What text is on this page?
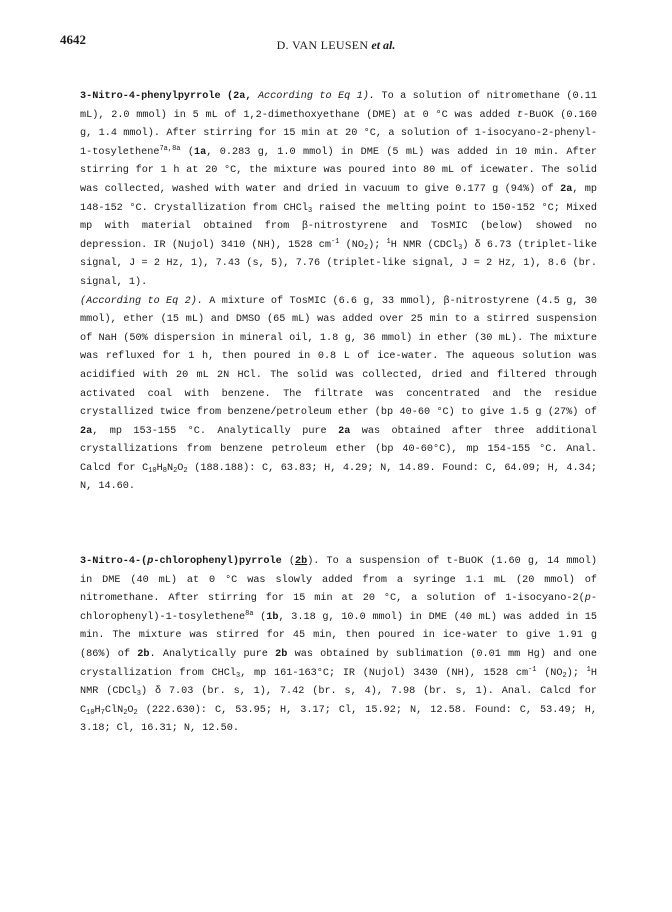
4642	D. VAN LEUSEN et al.
3-Nitro-4-phenylpyrrole (2a, According to Eq 1). To a solution of nitromethane (0.11 mL), 2.0 mmol) in 5 mL of 1,2-dimethoxyethane (DME) at 0 °C was added t-BuOK (0.160 g, 1.4 mmol). After stirring for 15 min at 20 °C, a solution of 1-isocyano-2-phenyl-1-tosylethene$^{7a,8a}$ (1a, 0.283 g, 1.0 mmol) in DME (5 mL) was added in 10 min. After stirring for 1 h at 20 °C, the mixture was poured into 80 mL of icewater. The solid was collected, washed with water and dried in vacuum to give 0.177 g (94%) of 2a, mp 148-152 °C. Crystallization from CHCl$_3$ raised the melting point to 150-152 °C; Mixed mp with material obtained from β-nitrostyrene and TosMIC (below) showed no depression. IR (Nujol) 3410 (NH), 1528 $cm^{-1}$ $(NO_2)$; $^1$H NMR (CDCl$_3$) δ 6.73 (triplet-like signal, J = 2 Hz, 1), 7.43 (s, 5), 7.76 (triplet-like signal, J = 2 Hz, 1), 8.6 (br. signal, 1).
(According to Eq 2). A mixture of TosMIC (6.6 g, 33 mmol), β-nitrostyrene (4.5 g, 30 mmol), ether (15 mL) and DMSO (65 mL) was added over 25 min to a stirred suspension of NaH (50% dispersion in mineral oil, 1.8 g, 36 mmol) in ether (30 mL). The mixture was refluxed for 1 h, then poured in 0.8 L of ice-water. The aqueous solution was acidified with 20 mL 2N HCl. The solid was collected, dried and filtered through activated coal with benzene. The filtrate was concentrated and the residue crystallized twice from benzene/petroleum ether (bp 40-60 °C) to give 1.5 g (27%) of 2a, mp 153-155 °C. Analytically pure 2a was obtained after three additional crystallizations from benzene petroleum ether (bp 40-60°C), mp 154-155 °C. Anal. Calcd for $C_{10}H_8N_2O_2$ (188.188): C, 63.83; H, 4.29; N, 14.89. Found: C, 64.09; H, 4.34; N, 14.60.
3-Nitro-4-(p-chlorophenyl)pyrrole (2b). To a suspension of t-BuOK (1.60 g, 14 mmol) in DME (40 mL) at 0 °C was slowly added from a syringe 1.1 mL (20 mmol) of nitromethane. After stirring for 15 min at 20 °C, a solution of 1-isocyano-2(p-chlorophenyl)-1-tosylethene$^{8a}$ (1b, 3.18 g, 10.0 mmol) in DME (40 mL) was added in 15 min. The mixture was stirred for 45 min, then poured in ice-water to give 1.91 g (86%) of 2b. Analytically pure 2b was obtained by sublimation (0.01 mm Hg) and one crystallization from CHCl$_3$, mp 161-163°C; IR (Nujol) 3430 (NH), 1528 $cm^{-1}$ $(NO_2)$; $^1$H NMR (CDCl$_3$) δ 7.03 (br. s, 1), 7.42 (br. s, 4), 7.98 (br. s, 1). Anal. Calcd for $C_{10}H_7ClN_2O_2$ (222.630): C, 53.95; H, 3.17; Cl, 15.92; N, 12.58. Found: C, 53.49; H, 3.18; Cl, 16.31; N, 12.50.
